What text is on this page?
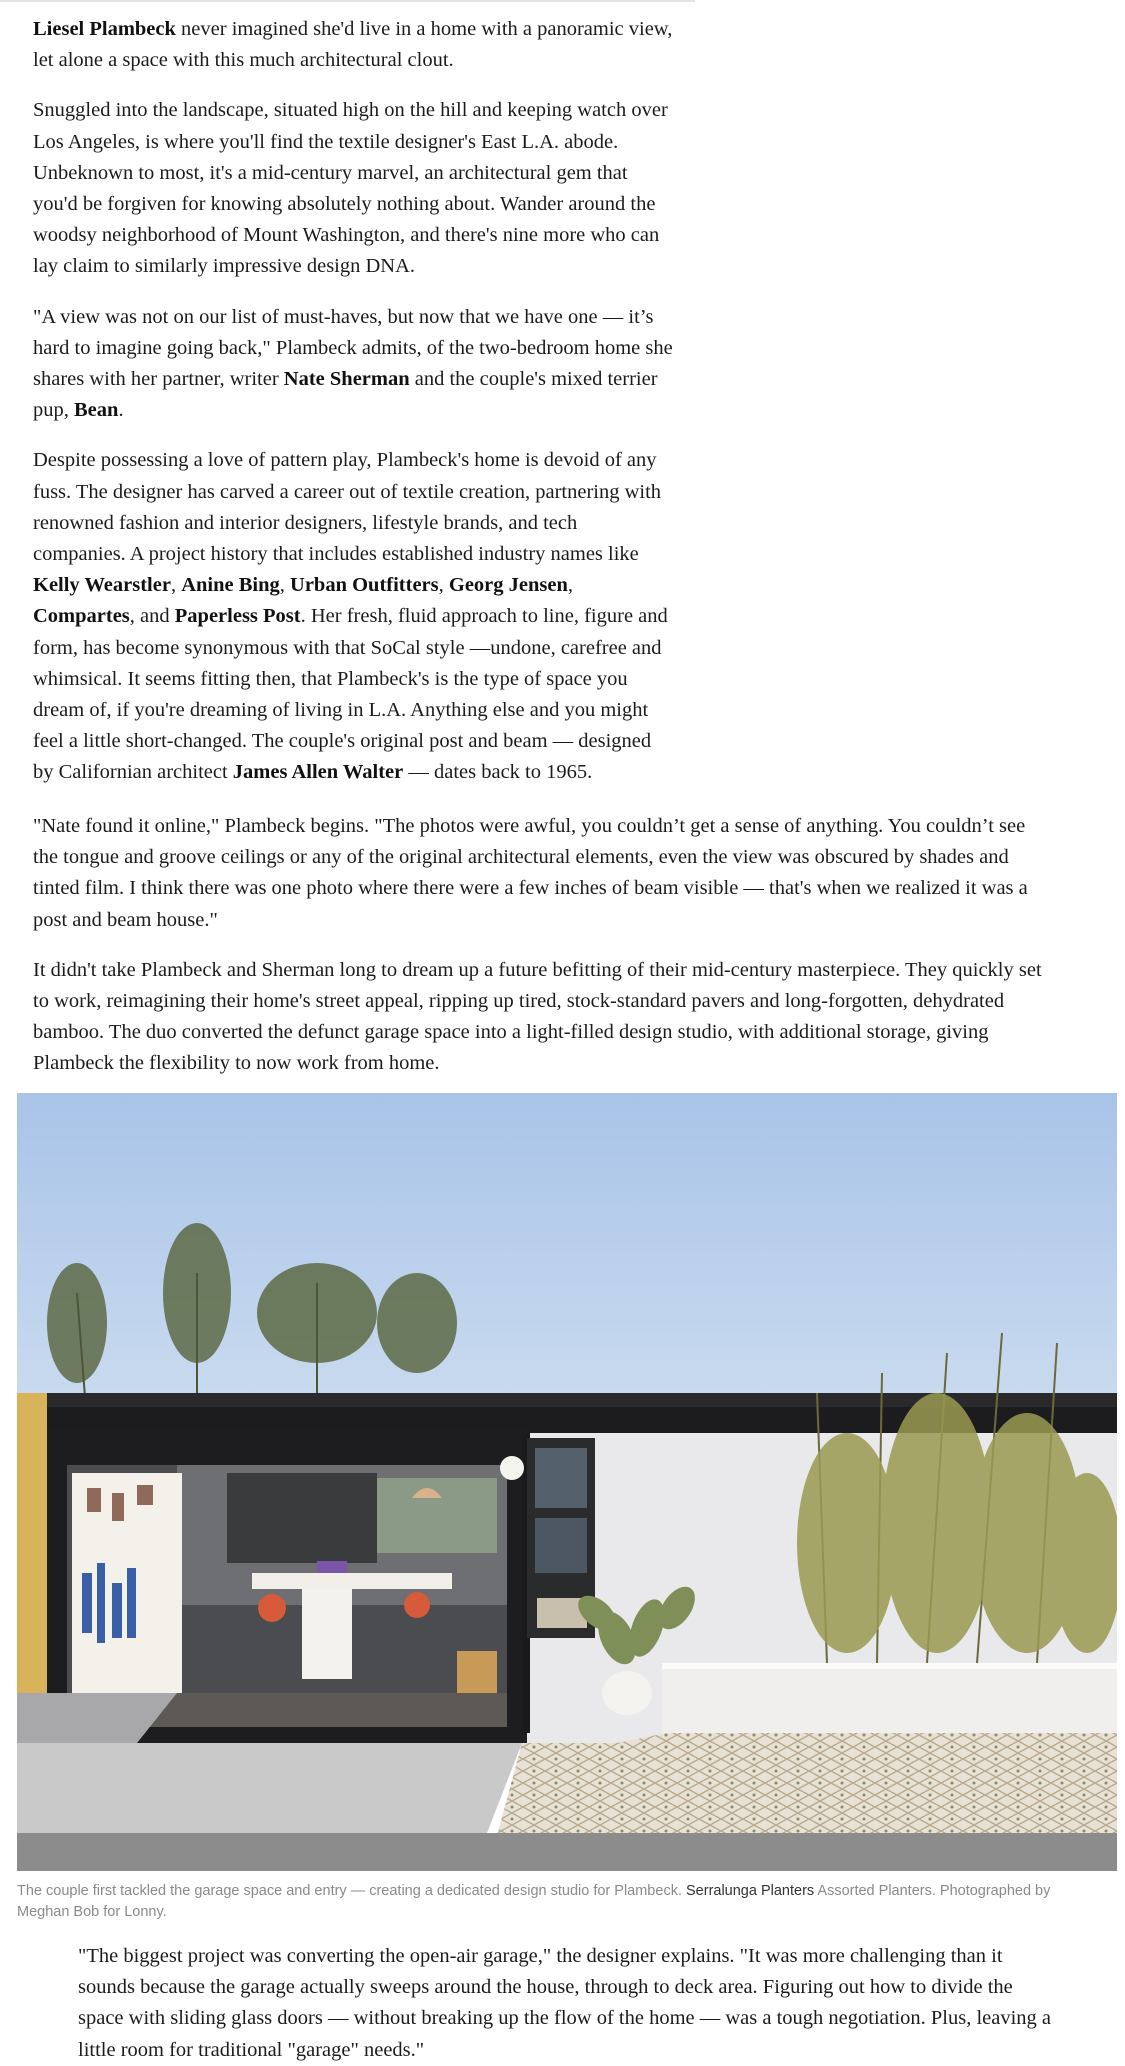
Liesel Plambeck never imagined she'd live in a home with a panoramic view, let alone a space with this much architectural clout.

Snuggled into the landscape, situated high on the hill and keeping watch over Los Angeles, is where you'll find the textile designer's East L.A. abode. Unbeknown to most, it's a mid-century marvel, an architectural gem that you'd be forgiven for knowing absolutely nothing about. Wander around the woodsy neighborhood of Mount Washington, and there's nine more who can lay claim to similarly impressive design DNA.

"A view was not on our list of must-haves, but now that we have one — it’s hard to imagine going back," Plambeck admits, of the two-bedroom home she shares with her partner, writer Nate Sherman and the couple's mixed terrier pup, Bean.

Despite possessing a love of pattern play, Plambeck's home is devoid of any fuss. The designer has carved a career out of textile creation, partnering with renowned fashion and interior designers, lifestyle brands, and tech companies. A project history that includes established industry names like Kelly Wearstler, Anine Bing, Urban Outfitters, Georg Jensen, Compartes, and Paperless Post. Her fresh, fluid approach to line, figure and form, has become synonymous with that SoCal style —undone, carefree and whimsical. It seems fitting then, that Plambeck's is the type of space you dream of, if you're dreaming of living in L.A. Anything else and you might feel a little short-changed. The couple's original post and beam — designed by Californian architect James Allen Walter — dates back to 1965.

"Nate found it online," Plambeck begins. "The photos were awful, you couldn’t get a sense of anything. You couldn’t see the tongue and groove ceilings or any of the original architectural elements, even the view was obscured by shades and tinted film. I think there was one photo where there were a few inches of beam visible — that's when we realized it was a post and beam house."

It didn't take Plambeck and Sherman long to dream up a future befitting of their mid-century masterpiece. They quickly set to work, reimagining their home's street appeal, ripping up tired, stock-standard pavers and long-forgotten, dehydrated bamboo. The duo converted the defunct garage space into a light-filled design studio, with additional storage, giving Plambeck the flexibility to now work from home.

The couple first tackled the garage space and entry — creating a dedicated design studio for Plambeck. Serralunga Planters Assorted Planters. Photographed by Meghan Bob for Lonny.

"The biggest project was converting the open-air garage," the designer explains. "It was more challenging than it sounds because the garage actually sweeps around the house, through to deck area. Figuring out how to divide the space with sliding glass doors — without breaking up the flow of the home — was a tough negotiation. Plus, leaving a little room for traditional "garage" needs."
